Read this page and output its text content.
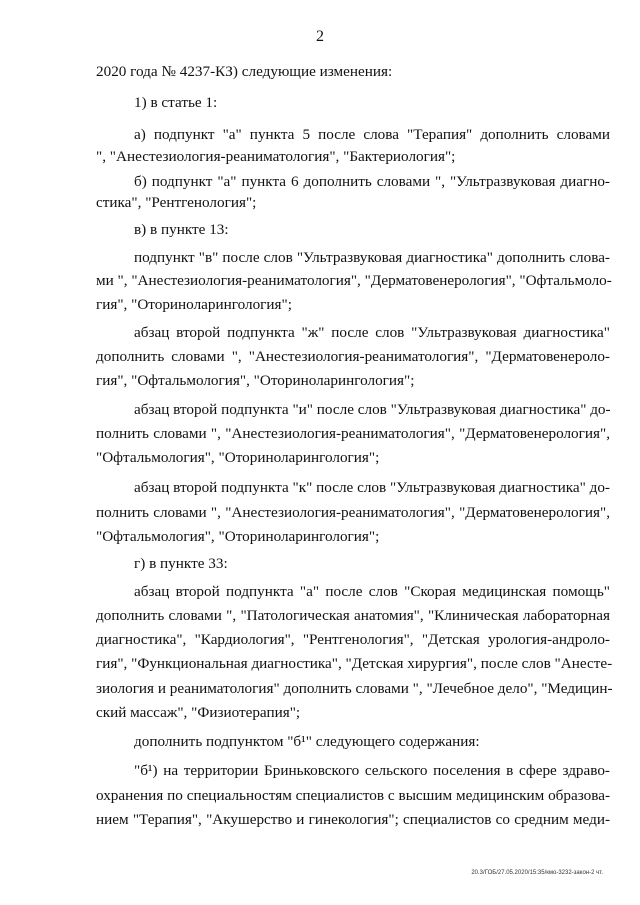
2

2020 года № 4237-КЗ) следующие изменения:

1) в статье 1:

а) подпункт "а" пункта 5 после слова "Терапия" дополнить словами

", "Анестезиология-реаниматология", "Бактериология";

б) подпункт "а" пункта 6 дополнить словами ", "Ультразвуковая диагно-

стика", "Рентгенология";

в) в пункте 13:

подпункт "в" после слов "Ультразвуковая диагностика" дополнить слова-

ми ", "Анестезиология-реаниматология", "Дерматовенерология", "Офтальмоло-

гия", "Оториноларингология";

абзац второй подпункта "ж" после слов "Ультразвуковая диагностика"

дополнить словами ", "Анестезиология-реаниматология", "Дерматовенероло-

гия", "Офтальмология", "Оториноларингология";

абзац второй подпункта "и" после слов "Ультразвуковая диагностика" до-

полнить словами ", "Анестезиология-реаниматология", "Дерматовенерология",

"Офтальмология", "Оториноларингология";

абзац второй подпункта "к" после слов "Ультразвуковая диагностика" до-

полнить словами ", "Анестезиология-реаниматология", "Дерматовенерология",

"Офтальмология", "Оториноларингология";

г) в пункте 33:

абзац второй подпункта "а" после слов "Скорая медицинская помощь"

дополнить словами ", "Патологическая анатомия", "Клиническая лабораторная

диагностика", "Кардиология", "Рентгенология", "Детская урология-андроло-

гия", "Функциональная диагностика", "Детская хирургия", после слов "Анесте-

зиология и реаниматология" дополнить словами ", "Лечебное дело", "Медицин-

ский массаж", "Физиотерапия";

дополнить подпунктом "б¹" следующего содержания:

"б¹) на территории Бриньковского сельского поселения в сфере здраво-

охранения по специальностям специалистов с высшим медицинским образова-

нием "Терапия", "Акушерство и гинекология"; специалистов со средним меди-

20.3/ГОБ/27.05.2020/15:35/кмо-3232-закон-2 чт.
